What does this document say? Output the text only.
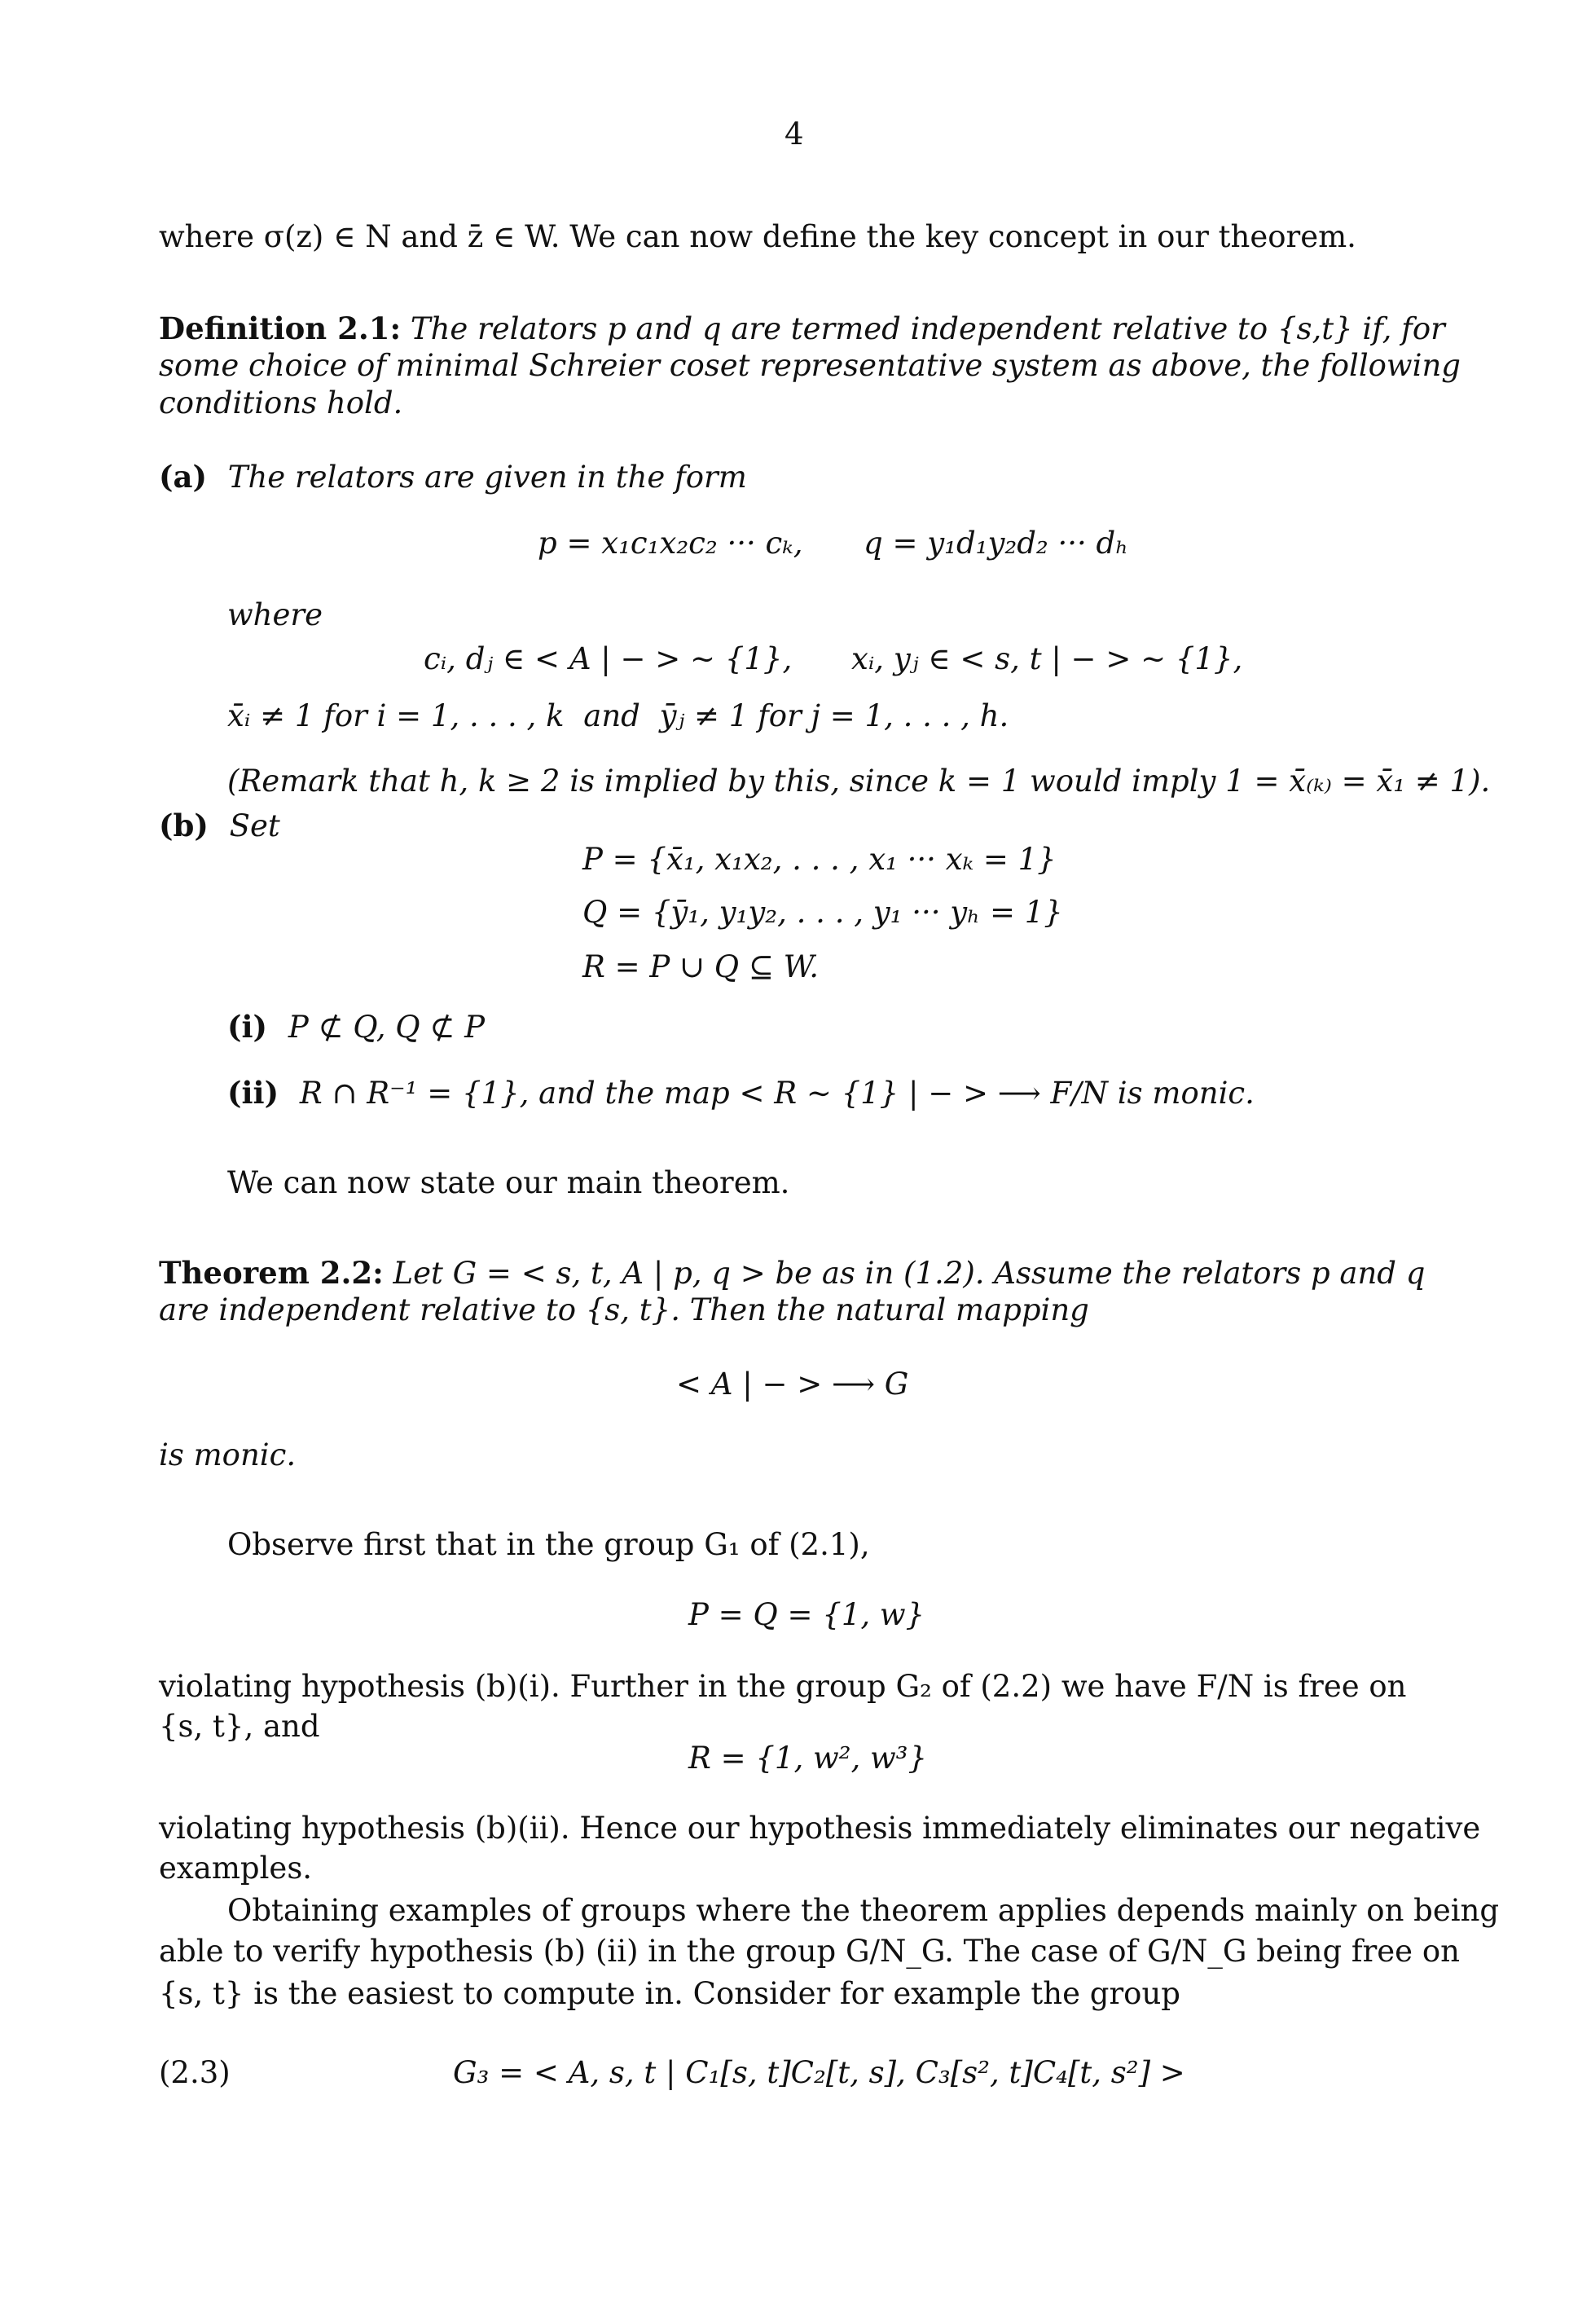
4
where σ(z) ∈ N and z̄ ∈ W. We can now define the key concept in our theorem.
Definition 2.1: The relators p and q are termed independent relative to {s,t} if, for
some choice of minimal Schreier coset representative system as above, the following
conditions hold.
(a) The relators are given in the form
p = x₁c₁x₂c₂ ··· cₖ, q = y₁d₁y₂d₂ ··· dₕ
where
cᵢ, dⱼ ∈ < A | − > ∼ {1}, xᵢ, yⱼ ∈ < s, t | − > ∼ {1},
x̄ᵢ ≠ 1 for i = 1, . . . , k and ȳⱼ ≠ 1 for j = 1, . . . , h.
(Remark that h, k ≥ 2 is implied by this, since k = 1 would imply 1 = x̄₍ₖ₎ = x̄₁ ≠ 1).
(b) Set
P = {x̄₁, x₁x₂, . . . , x₁ ··· xₖ = 1}
Q = {ȳ₁, y₁y₂, . . . , y₁ ··· yₕ = 1}
R = P ∪ Q ⊆ W.
(i) P ⊄ Q, Q ⊄ P
(ii) R ∩ R⁻¹ = {1}, and the map < R ∼ {1} | − > ⟶ F/N is monic.
We can now state our main theorem.
Theorem 2.2: Let G = < s, t, A | p, q > be as in (1.2). Assume the relators p and q
are independent relative to {s, t}. Then the natural mapping
< A | − > ⟶ G
is monic.
Observe first that in the group G₁ of (2.1),
P = Q = {1, w}
violating hypothesis (b)(i). Further in the group G₂ of (2.2) we have F/N is free on
{s, t}, and
R = {1, w², w³}
violating hypothesis (b)(ii). Hence our hypothesis immediately eliminates our negative
examples.
Obtaining examples of groups where the theorem applies depends mainly on being
able to verify hypothesis (b) (ii) in the group G/N_G. The case of G/N_G being free on
{s, t} is the easiest to compute in. Consider for example the group
(2.3)	G₃ = < A, s, t | C₁[s, t]C₂[t, s], C₃[s², t]C₄[t, s²] >
